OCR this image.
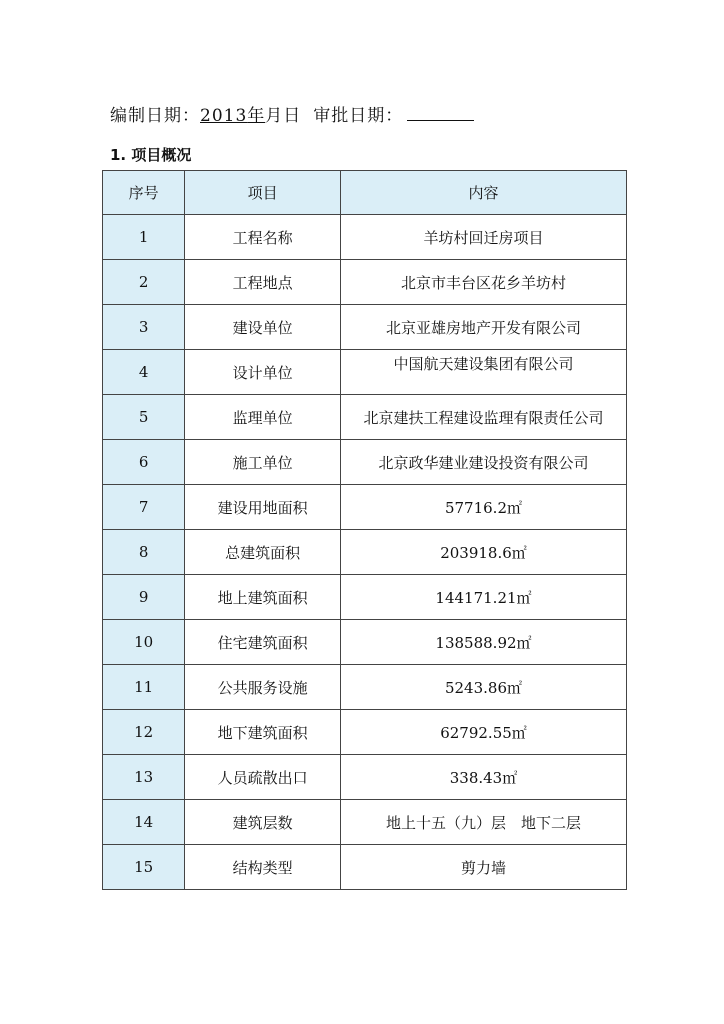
编制日期： 2013 年 月 日 审批日期：
1. 项目概况
序号	项目	内容
1	工程名称	羊坊村回迁房项目
2	工程地点	北京市丰台区花乡羊坊村
3	建设单位	北京亚雄房地产开发有限公司
4	设计单位	中国航天建设集团有限公司
5	监理单位	北京建扶工程建设监理有限责任公司
6	施工单位	北京政华建业建设投资有限公司
7	建设用地面积	57716.2㎡
8	总建筑面积	203918.6㎡
9	地上建筑面积	144171.21㎡
10	住宅建筑面积	138588.92㎡
11	公共服务设施	5243.86㎡
12	地下建筑面积	62792.55㎡
13	人员疏散出口	338.43㎡
14	建筑层数	地上十五（九）层　地下二层
15	结构类型	剪力墙
